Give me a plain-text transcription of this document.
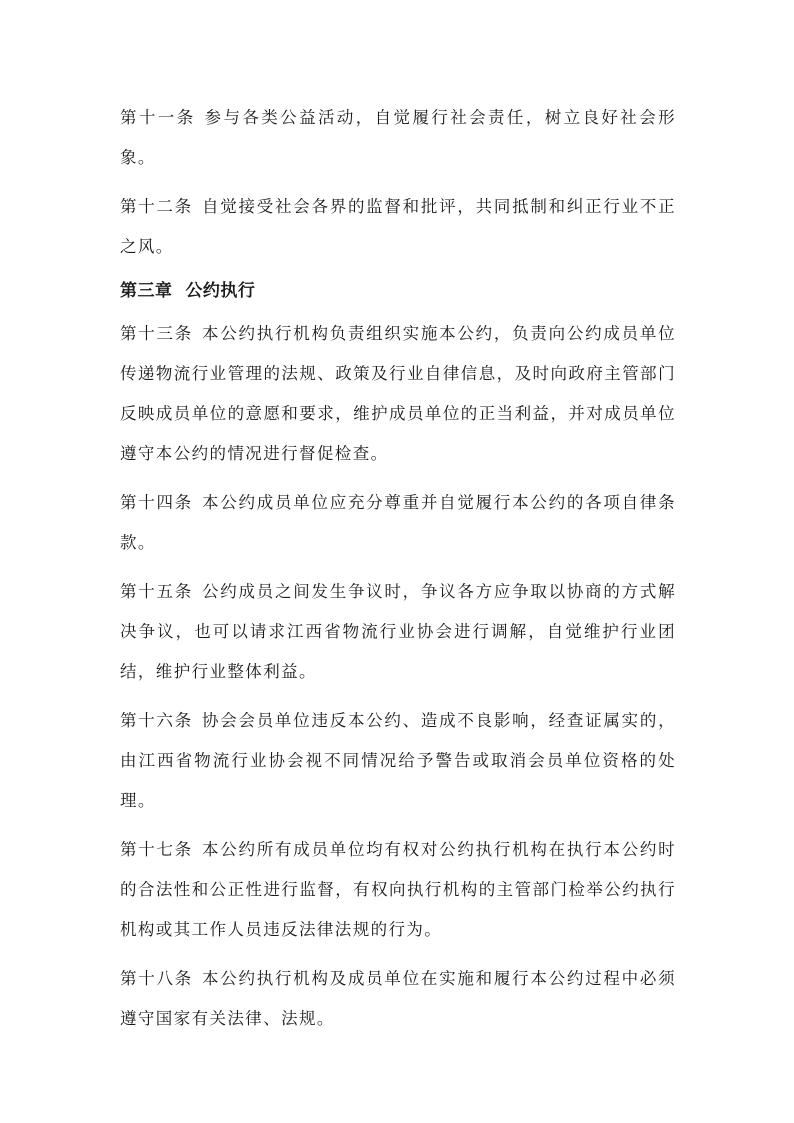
第十一条 参与各类公益活动，自觉履行社会责任，树立良好社会形象。

第十二条 自觉接受社会各界的监督和批评，共同抵制和纠正行业不正之风。

第三章  公约执行

第十三条 本公约执行机构负责组织实施本公约，负责向公约成员单位传递物流行业管理的法规、政策及行业自律信息，及时向政府主管部门反映成员单位的意愿和要求，维护成员单位的正当利益，并对成员单位遵守本公约的情况进行督促检查。

第十四条 本公约成员单位应充分尊重并自觉履行本公约的各项自律条款。

第十五条 公约成员之间发生争议时，争议各方应争取以协商的方式解决争议，也可以请求江西省物流行业协会进行调解，自觉维护行业团结，维护行业整体利益。

第十六条 协会会员单位违反本公约、造成不良影响，经查证属实的，由江西省物流行业协会视不同情况给予警告或取消会员单位资格的处理。

第十七条 本公约所有成员单位均有权对公约执行机构在执行本公约时的合法性和公正性进行监督，有权向执行机构的主管部门检举公约执行机构或其工作人员违反法律法规的行为。

第十八条 本公约执行机构及成员单位在实施和履行本公约过程中必须遵守国家有关法律、法规。
